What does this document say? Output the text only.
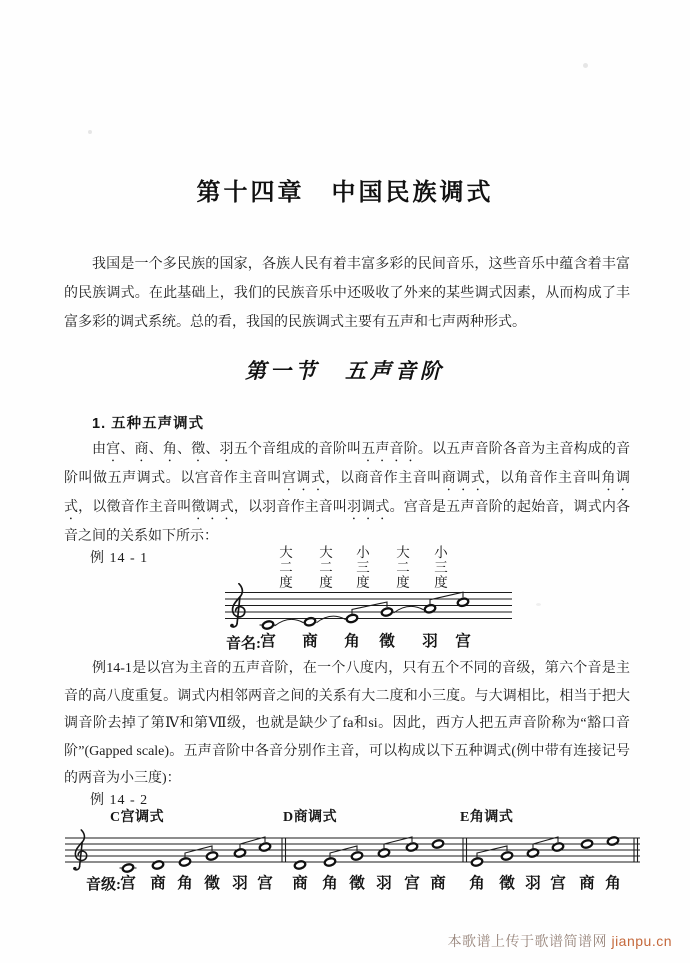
第十四章　中国民族调式

我国是一个多民族的国家，各族人民有着丰富多彩的民间音乐，这些音乐中蕴含着丰富的民族调式。在此基础上，我们的民族音乐中还吸收了外来的某些调式因素，从而构成了丰富多彩的调式系统。总的看，我国的民族调式主要有五声和七声两种形式。

第一节　五声音阶
1. 五种五声调式

由宫、商、角、徵、羽五个音组成的音阶叫五声音阶。以五声音阶各音为主音构成的音阶叫做五声调式。以宫音作主音叫宫调式，以商音作主音叫商调式，以角音作主音叫角调式，以徵音作主音叫徵调式，以羽音作主音叫羽调式。宫音是五声音阶的起始音，调式内各音之间的关系如下所示：

例 14 - 1	大二度 大二度 小三度 大二度 小三度
宫 商 角 徵 羽 宫
音名:

例14-1是以宫为主音的五声音阶，在一个八度内，只有五个不同的音级，第六个音是主音的高八度重复。调式内相邻两音之间的关系有大二度和小三度。与大调相比，相当于把大调音阶去掉了第Ⅳ和第Ⅶ级，也就是缺少了fa和si。因此，西方人把五声音阶称为“豁口音阶”(Gapped scale)。五声音阶中各音分别作主音，可以构成以下五种调式(例中带有连接记号的两音为小三度)：

例 14 - 2
C宫调式	D商调式	E角调式
宫 商 角 徵 羽 宫 商 角 徵 羽 宫 商 角 徵 羽 宫 商 角
音级:
本歌谱上传于歌谱简谱网 jianpu.cn
